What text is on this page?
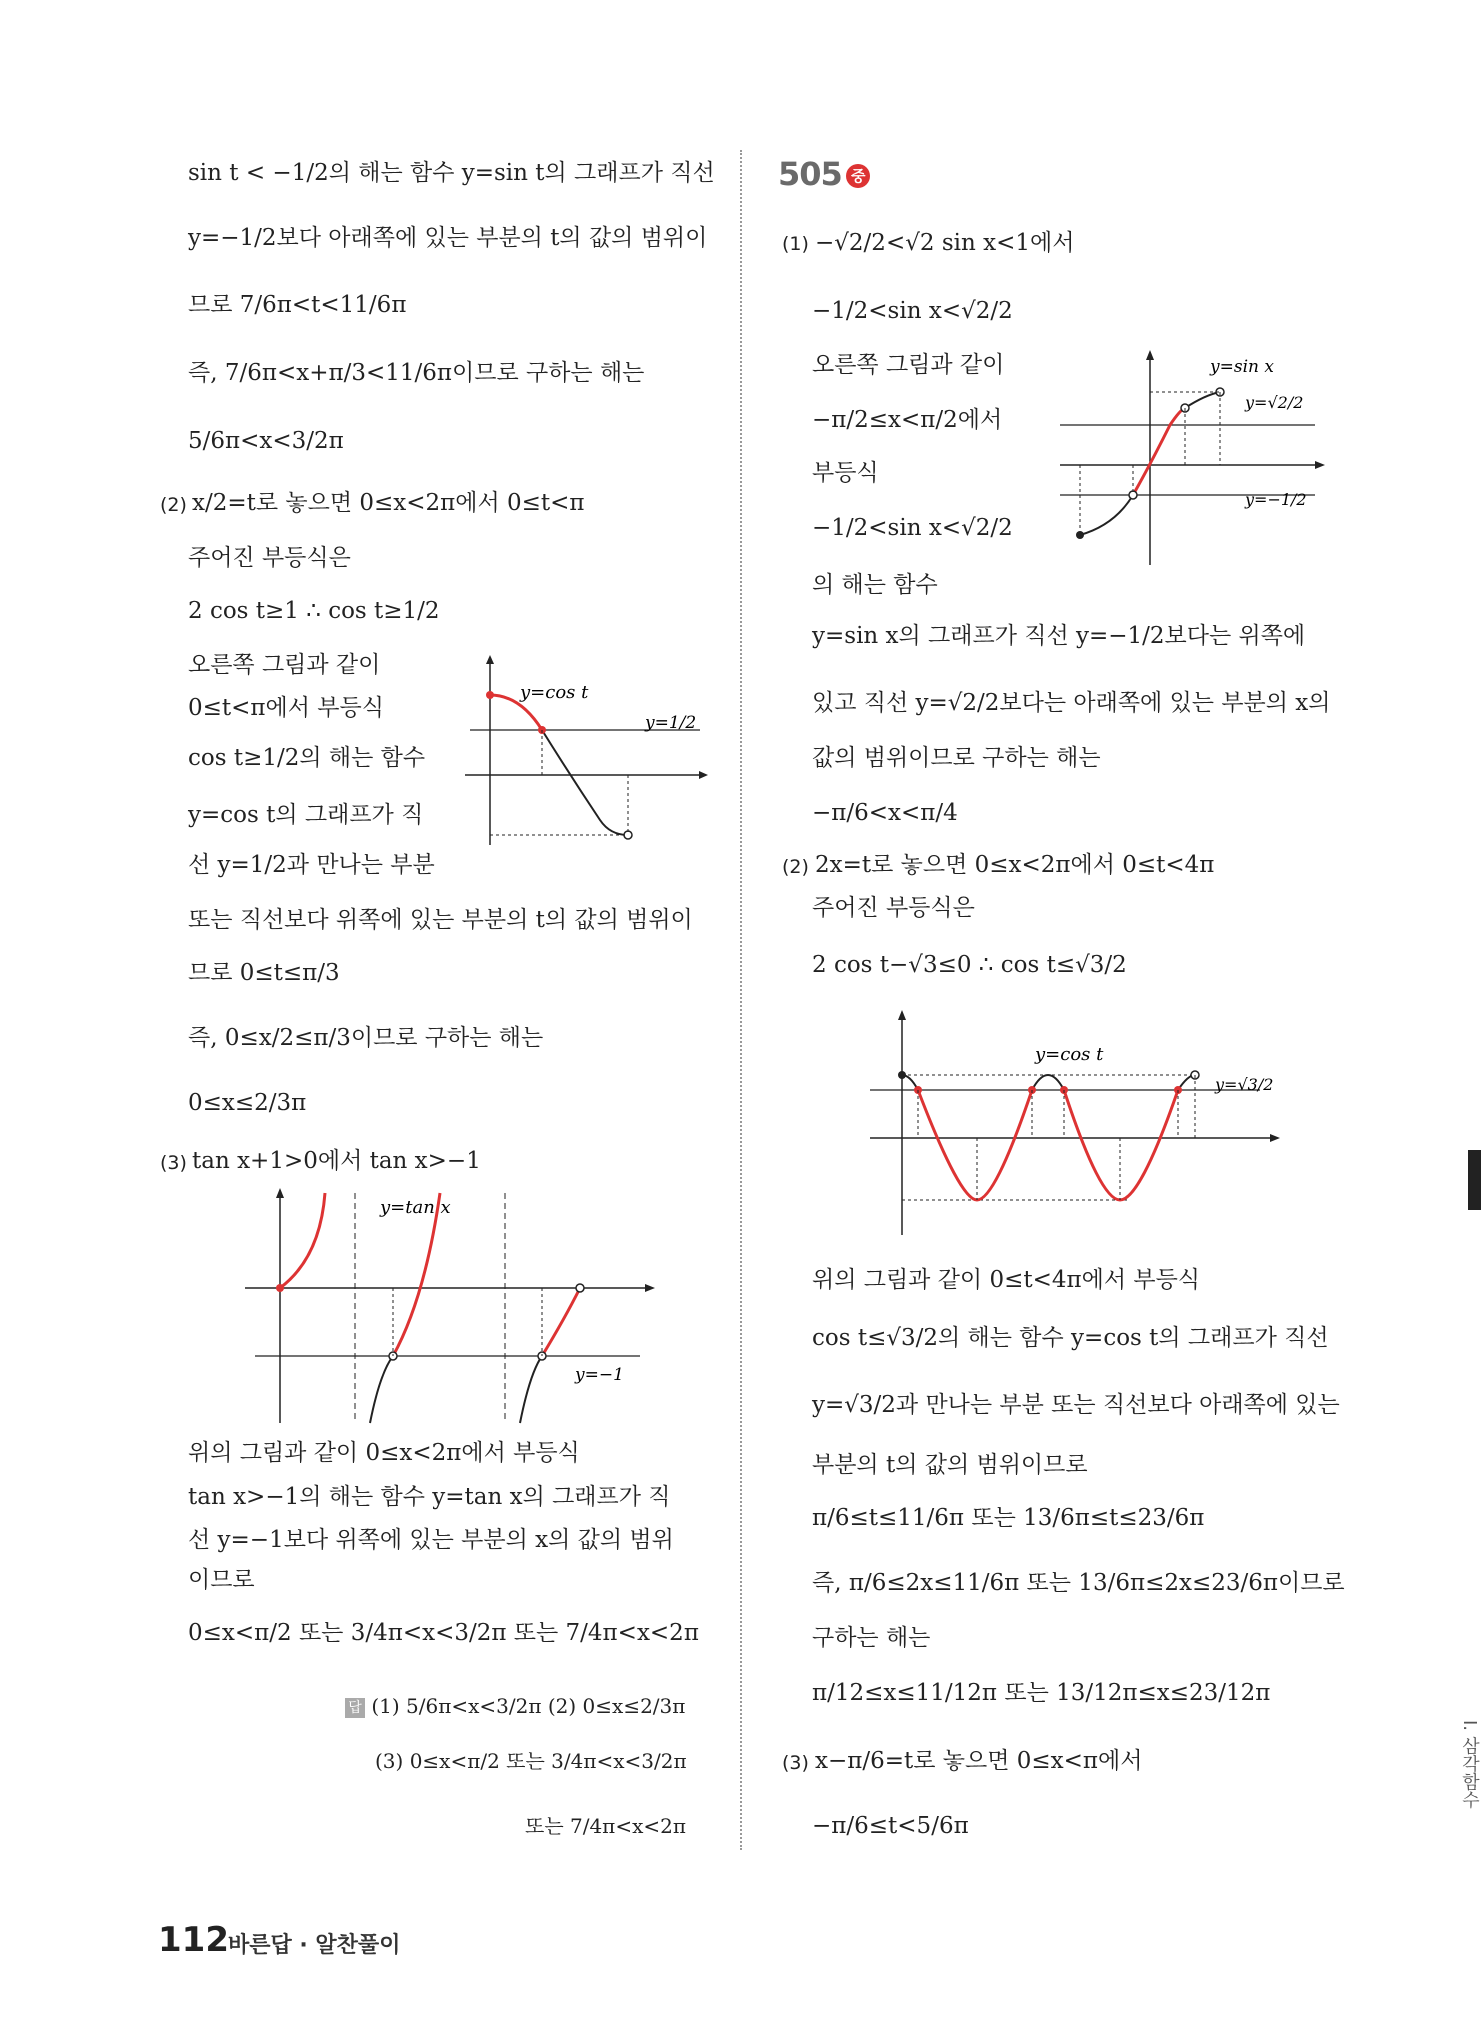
sin t < −1/2의 해는 함수 y=sin t의 그래프가 직선
y=−1/2보다 아래쪽에 있는 부분의 t의 값의 범위이
므로 7/6π<t<11/6π
즉, 7/6π<x+π/3<11/6π이므로 구하는 해는
5/6π<x<3/2π
(2) x/2=t로 놓으면 0≤x<2π에서 0≤t<π
주어진 부등식은
2 cos t≥1 ∴ cos t≥1/2
오른쪽 그림과 같이
0≤t<π에서 부등식
cos t≥1/2의 해는 함수
y=cos t의 그래프가 직
선 y=1/2과 만나는 부분
또는 직선보다 위쪽에 있는 부분의 t의 값의 범위이
므로 0≤t≤π/3
즉, 0≤x/2≤π/3이므로 구하는 해는
0≤x≤2/3π
y=cos t
y=1/2
(3) tan x+1>0에서 tan x>−1
y=tan x
y=−1
위의 그림과 같이 0≤x<2π에서 부등식
tan x>−1의 해는 함수 y=tan x의 그래프가 직
선 y=−1보다 위쪽에 있는 부분의 x의 값의 범위
이므로
0≤x<π/2 또는 3/4π<x<3/2π 또는 7/4π<x<2π
답 (1) 5/6π<x<3/2π (2) 0≤x≤2/3π
(3) 0≤x<π/2 또는 3/4π<x<3/2π
또는 7/4π<x<2π
505 중
(1) −√2/2<√2 sin x<1에서
−1/2<sin x<√2/2
오른쪽 그림과 같이
−π/2≤x<π/2에서
부등식
−1/2<sin x<√2/2
의 해는 함수
y=sin x
y=√2/2
y=−1/2
y=sin x의 그래프가 직선 y=−1/2보다는 위쪽에
있고 직선 y=√2/2보다는 아래쪽에 있는 부분의 x의
값의 범위이므로 구하는 해는
−π/6<x<π/4
(2) 2x=t로 놓으면 0≤x<2π에서 0≤t<4π
주어진 부등식은
2 cos t−√3≤0 ∴ cos t≤√3/2
y=cos t
y=√3/2
위의 그림과 같이 0≤t<4π에서 부등식
cos t≤√3/2의 해는 함수 y=cos t의 그래프가 직선
y=√3/2과 만나는 부분 또는 직선보다 아래쪽에 있는
부분의 t의 값의 범위이므로
π/6≤t≤11/6π 또는 13/6π≤t≤23/6π
즉, π/6≤2x≤11/6π 또는 13/6π≤2x≤23/6π이므로
구하는 해는
π/12≤x≤11/12π 또는 13/12π≤x≤23/12π
(3) x−π/6=t로 놓으면 0≤x<π에서
−π/6≤t<5/6π
I. 삼각함수
112 바른답 · 알찬풀이
